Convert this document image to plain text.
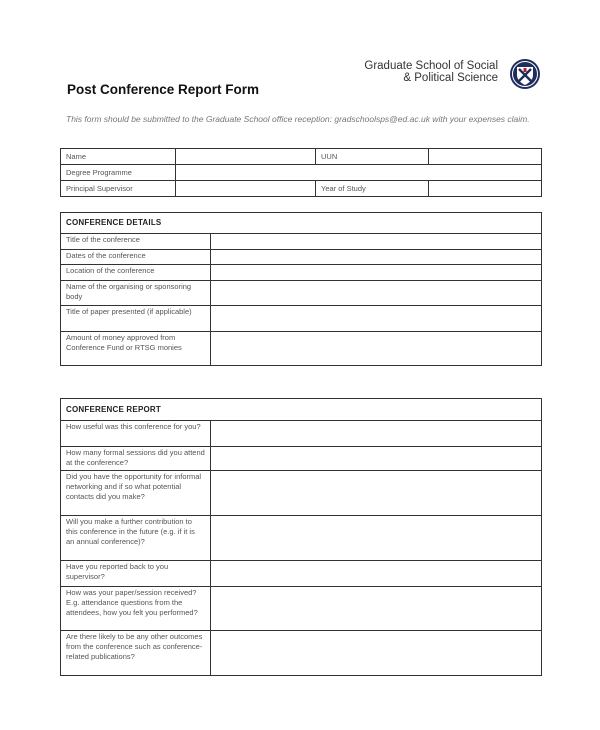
Graduate School of Social
& Political Science
Post Conference Report Form
This form should be submitted to the Graduate School office reception: gradschoolsps@ed.ac.uk with your expenses claim.
Name		UUN	
Degree Programme			
Principal Supervisor		Year of Study	
CONFERENCE DETAILS	
Title of the conference	
Dates of the conference	
Location of the conference	
Name of the organising or sponsoring body	
Title of paper presented (if applicable)	
Amount of money approved from Conference Fund or RTSG monies	
CONFERENCE REPORT	
How useful was this conference for you?	
How many formal sessions did you attend at the conference?	
Did you have the opportunity for informal networking and if so what potential contacts did you make?	
Will you make a further contribution to this conference in the future (e.g. if it is an annual conference)?	
Have you reported back to you supervisor?	
How was your paper/session received? E.g. attendance questions from the attendees, how you felt you performed?	
Are there likely to be any other outcomes from the conference such as conference-related publications?	
